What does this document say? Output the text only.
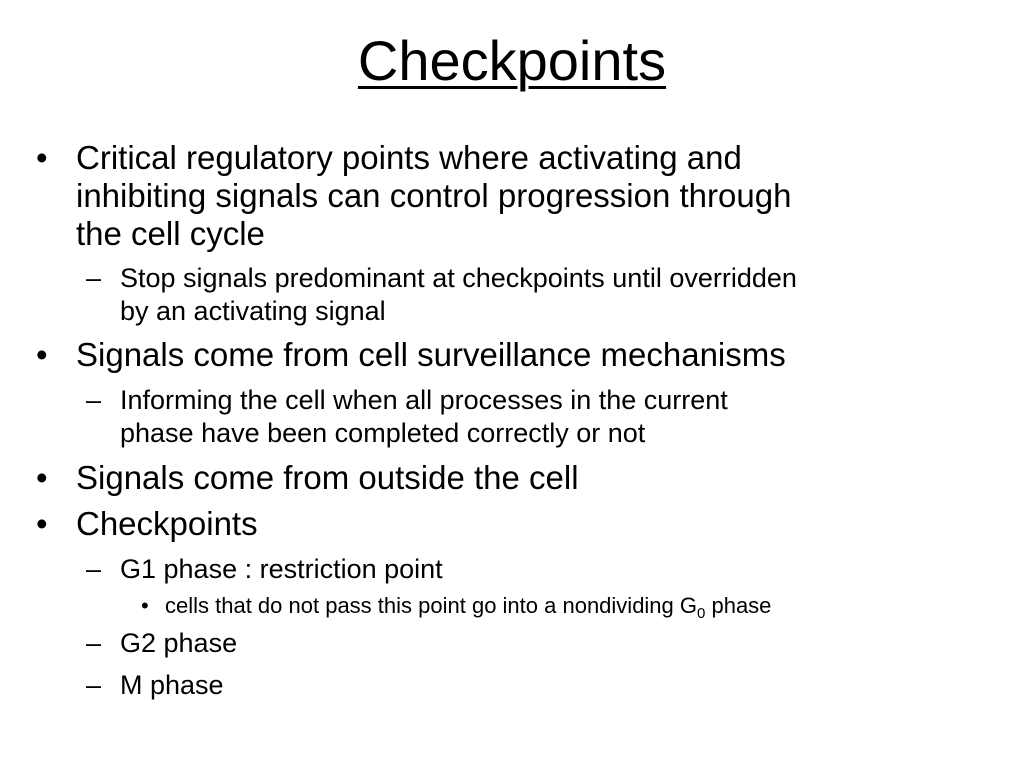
Checkpoints
• Critical regulatory points where activating and
inhibiting signals can control progression through
the cell cycle
– Stop signals predominant at checkpoints until overridden
by an activating signal
• Signals come from cell surveillance mechanisms
– Informing the cell when all processes in the current
phase have been completed correctly or not
• Signals come from outside the cell
• Checkpoints
– G1 phase : restriction point
• cells that do not pass this point go into a nondividing $G_0$ phase
– G2 phase
– M phase
